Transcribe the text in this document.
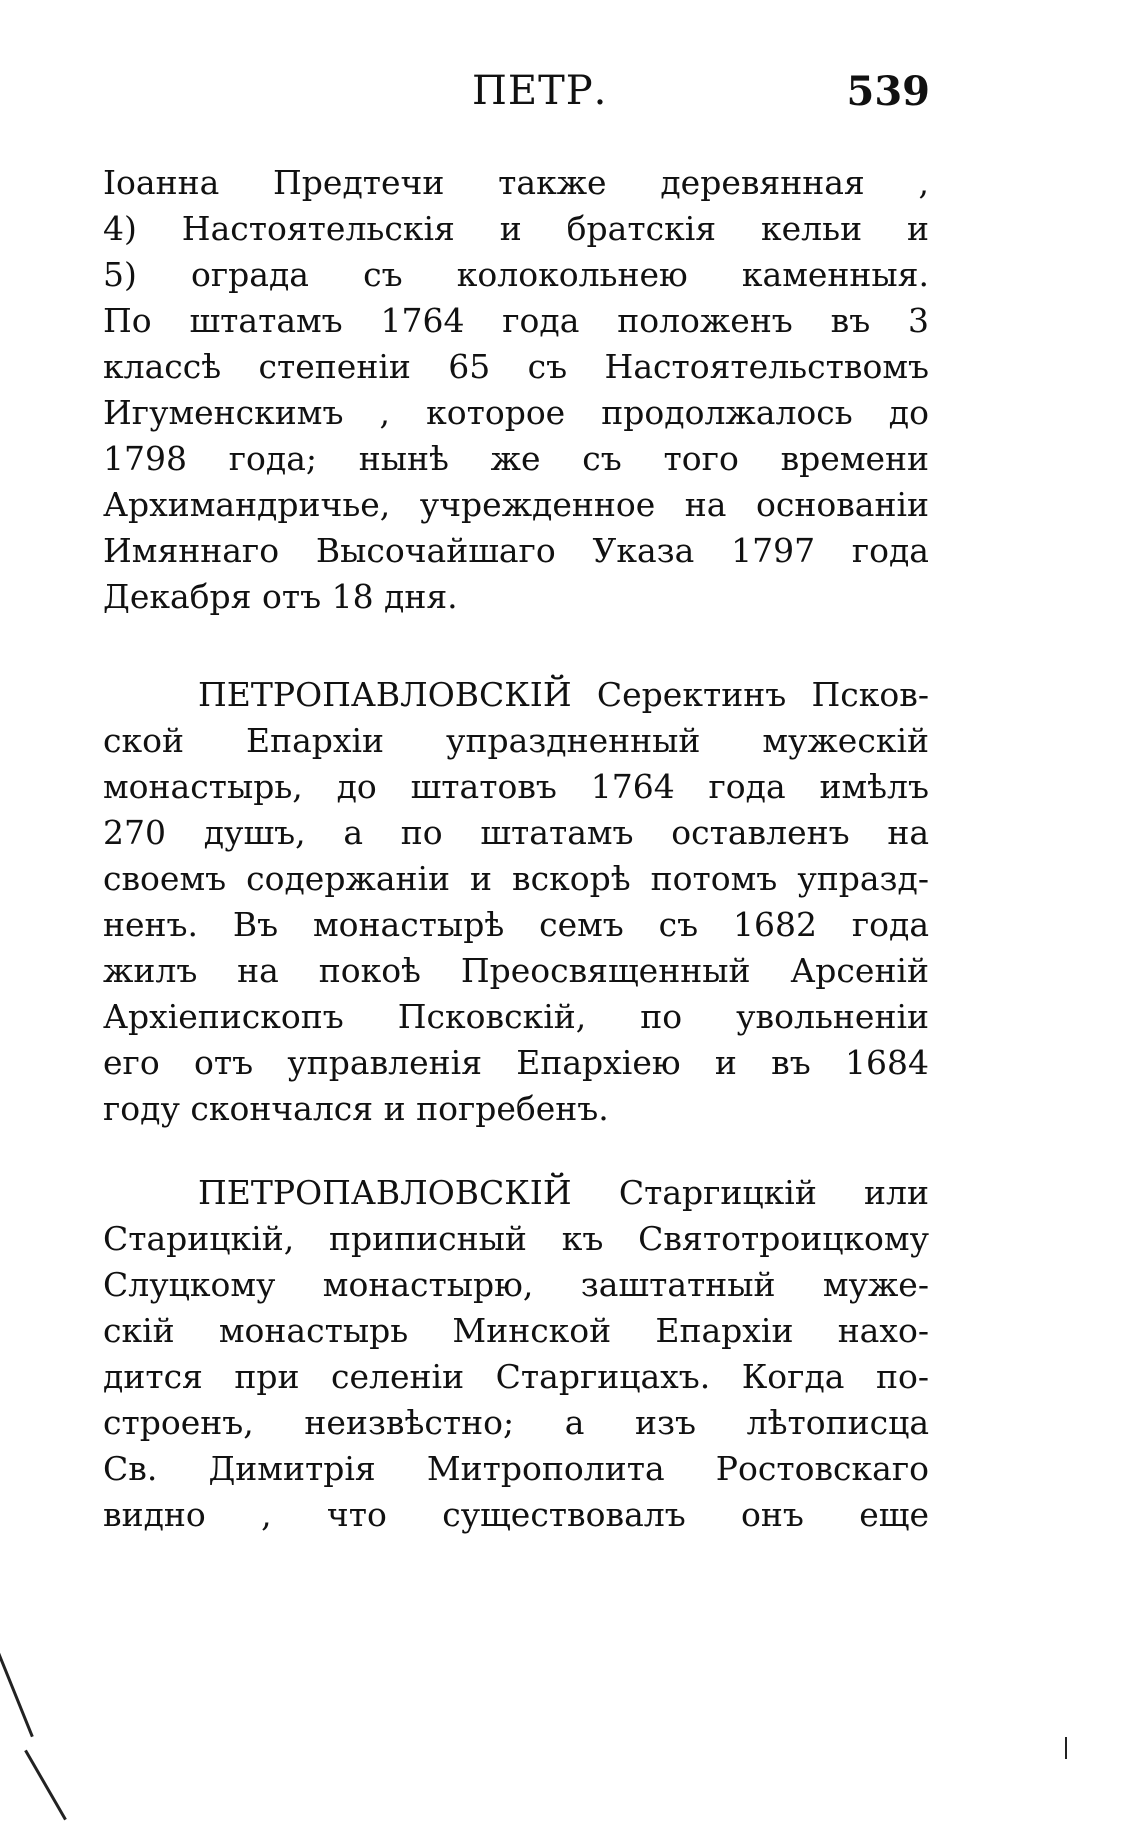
ПЕТР.	539
Іоанна Предтечи также деревянная ,
4) Настоятельскія и братскія кельи и
5) ограда съ колокольнею каменныя.
По штатамъ 1764 года положенъ въ 3
классѣ степеніи 65 съ Настоятельствомъ
Игуменскимъ , которое продолжалось до
1798 года; нынѣ же съ того времени
Архимандричье, учрежденное на основаніи
Имяннаго Высочайшаго Указа 1797 года
Декабря отъ 18 дня.
ПЕТРОПАВЛОВСКІЙ Серектинъ Псков-
ской Епархіи упраздненный мужескій
монастырь, до штатовъ 1764 года имѣлъ
270 душъ, а по штатамъ оставленъ на
своемъ содержаніи и вскорѣ потомъ упразд-
ненъ. Въ монастырѣ семъ съ 1682 года
жилъ на покоѣ Преосвященный Арсеній
Архіепископъ Псковскій, по увольненіи
его отъ управленія Епархіею и въ 1684
году скончался и погребенъ.
ПЕТРОПАВЛОВСКІЙ Старгицкій или
Старицкій, приписный къ Святотроицкому
Слуцкому монастырю, заштатный муже-
скій монастырь Минской Епархіи нахо-
дится при селеніи Старгицахъ. Когда по-
строенъ, неизвѣстно; а изъ лѣтописца
Св. Димитрія Митрополита Ростовскаго
видно , что существовалъ онъ еще
